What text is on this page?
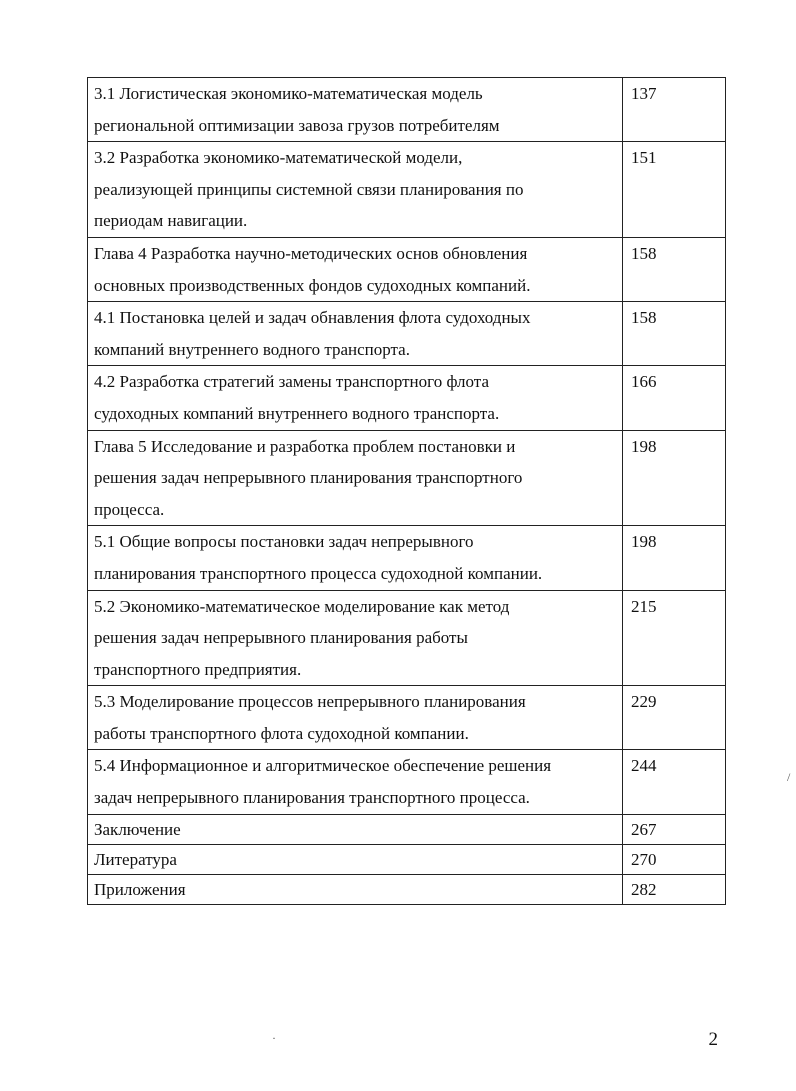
3.1 Логистическая экономико-математическая модель
региональной оптимизации завоза грузов потребителям	137
3.2 Разработка экономико-математической модели,
реализующей принципы системной связи планирования по
периодам навигации.	151
Глава 4 Разработка научно-методических основ обновления
основных производственных фондов судоходных компаний.	158
4.1 Постановка целей и задач обнавления флота судоходных
компаний внутреннего водного транспорта.	158
4.2 Разработка стратегий замены транспортного флота
судоходных компаний внутреннего водного транспорта.	166
Глава 5 Исследование и разработка проблем постановки и
решения задач непрерывного планирования транспортного
процесса.	198
5.1 Общие вопросы постановки задач непрерывного
планирования транспортного процесса судоходной компании.	198
5.2 Экономико-математическое моделирование как метод
решения задач непрерывного планирования работы
транспортного предприятия.	215
5.3 Моделирование процессов непрерывного планирования
работы транспортного флота судоходной компании.	229
5.4 Информационное и алгоритмическое обеспечение решения
задач непрерывного планирования транспортного процесса.	244
Заключение	267
Литература	270
Приложения	282
/
·	2
